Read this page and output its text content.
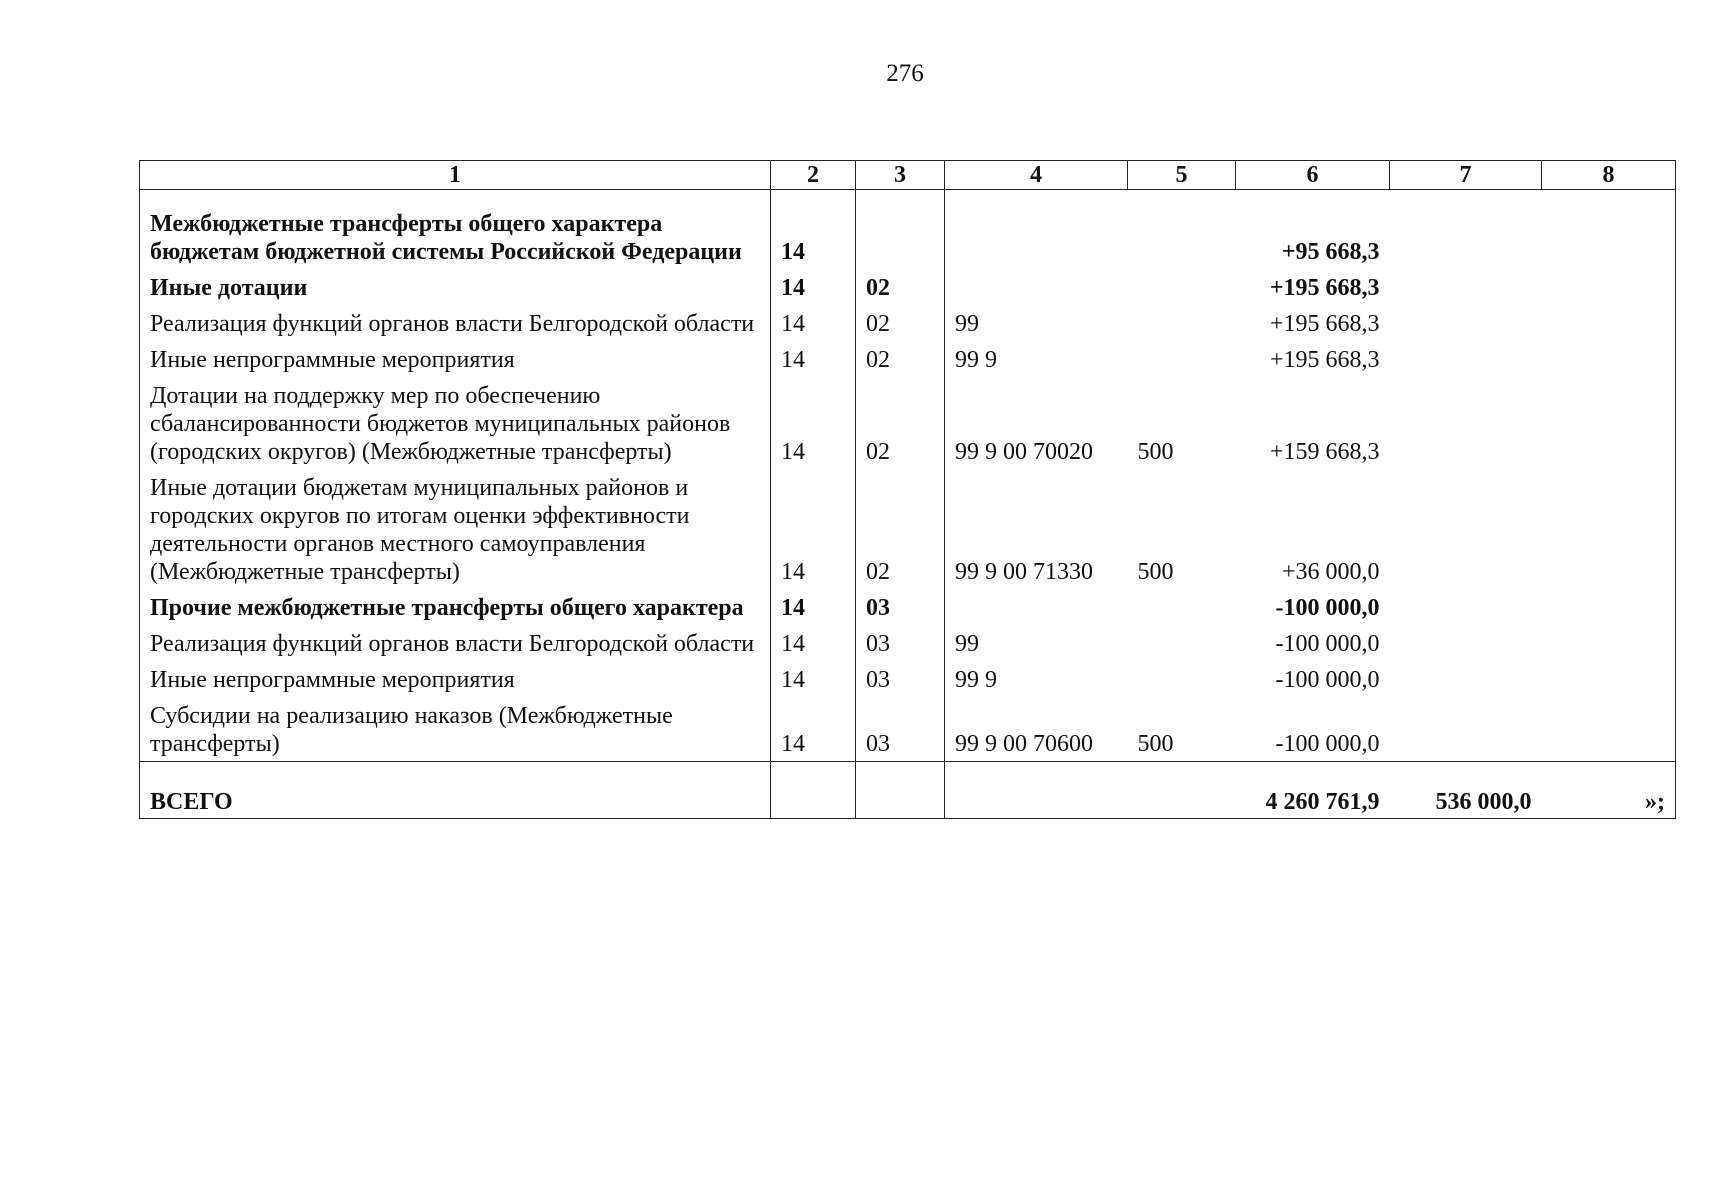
276
1	2	3	4	5	6	7	8
Межбюджетные трансферты общего характера бюджетам бюджетной системы Российской Федерации	14				+95 668,3		
Иные дотации	14	02			+195 668,3		
Реализация функций органов власти Белгородской области	14	02	99		+195 668,3		
Иные непрограммные мероприятия	14	02	99 9		+195 668,3		
Дотации на поддержку мер по обеспечению сбалансированности бюджетов муниципальных районов (городских округов) (Межбюджетные трансферты)	14	02	99 9 00 70020	500	+159 668,3		
Иные дотации бюджетам муниципальных районов и городских округов по итогам оценки эффективности деятельности органов местного самоуправления (Межбюджетные трансферты)	14	02	99 9 00 71330	500	+36 000,0		
Прочие межбюджетные трансферты общего характера	14	03			-100 000,0		
Реализация функций органов власти Белгородской области	14	03	99		-100 000,0		
Иные непрограммные мероприятия	14	03	99 9		-100 000,0		
Субсидии на реализацию наказов (Межбюджетные трансферты)	14	03	99 9 00 70600	500	-100 000,0		
ВСЕГО					4 260 761,9	536 000,0	»;
